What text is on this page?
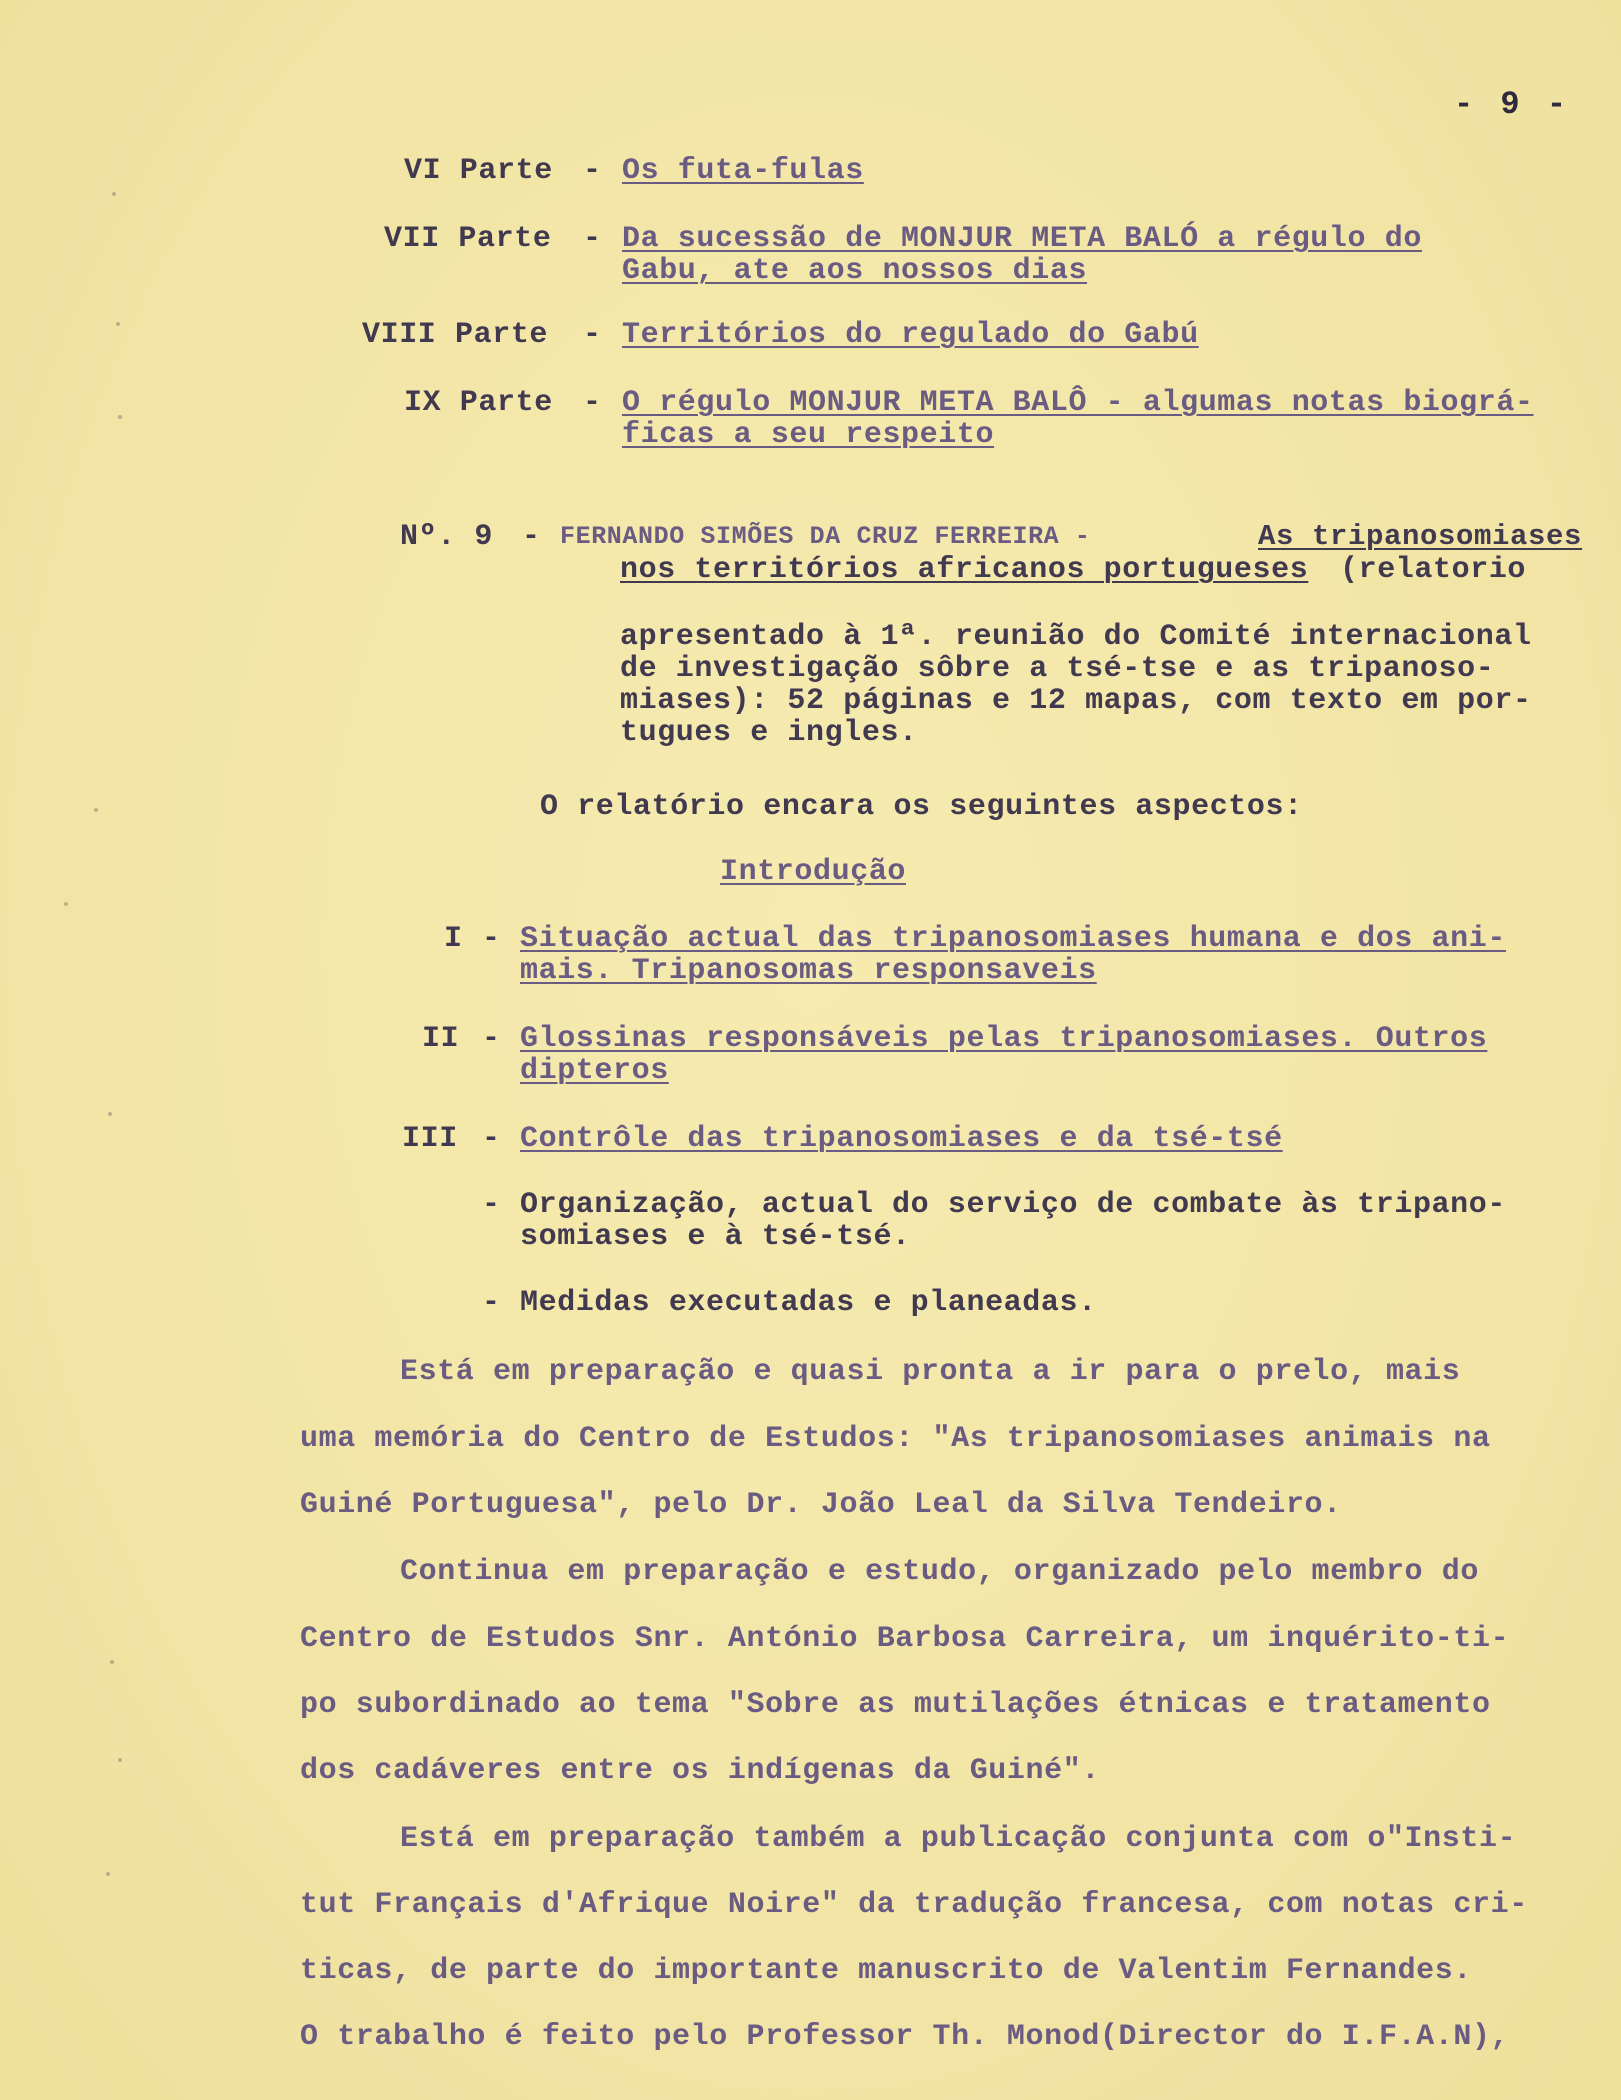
- 9 -

VI Parte - Os futa-fulas

VII Parte - Da sucessão de MONJUR META BALÓ a régulo do

Gabu, ate aos nossos dias

VIII Parte - Territórios do regulado do Gabú

IX Parte - O régulo MONJUR META BALÔ - algumas notas biográ-

ficas a seu respeito

Nº. 9 - FERNANDO SIMÕES DA CRUZ FERREIRA -	As tripanosomiases

nos territórios africanos portugueses (relatorio

apresentado à 1ª. reunião do Comité internacional

de investigação sôbre a tsé-tse e as tripanoso-

miases): 52 páginas e 12 mapas, com texto em por-

tugues e ingles.

O relatório encara os seguintes aspectos:

Introdução

I - Situação actual das tripanosomiases humana e dos ani-

mais. Tripanosomas responsaveis

II - Glossinas responsáveis pelas tripanosomiases. Outros

dipteros

III - Contrôle das tripanosomiases e da tsé-tsé

- Organização, actual do serviço de combate às tripano-

somiases e à tsé-tsé.

- Medidas executadas e planeadas.

Está em preparação e quasi pronta a ir para o prelo, mais

uma memória do Centro de Estudos: "As tripanosomiases animais na

Guiné Portuguesa", pelo Dr. João Leal da Silva Tendeiro.

Continua em preparação e estudo, organizado pelo membro do

Centro de Estudos Snr. António Barbosa Carreira, um inquérito-ti-

po subordinado ao tema "Sobre as mutilações étnicas e tratamento

dos cadáveres entre os indígenas da Guiné".

Está em preparação também a publicação conjunta com o"Insti-

tut Français d'Afrique Noire" da tradução francesa, com notas cri-

ticas, de parte do importante manuscrito de Valentim Fernandes.

O trabalho é feito pelo Professor Th. Monod(Director do I.F.A.N),
